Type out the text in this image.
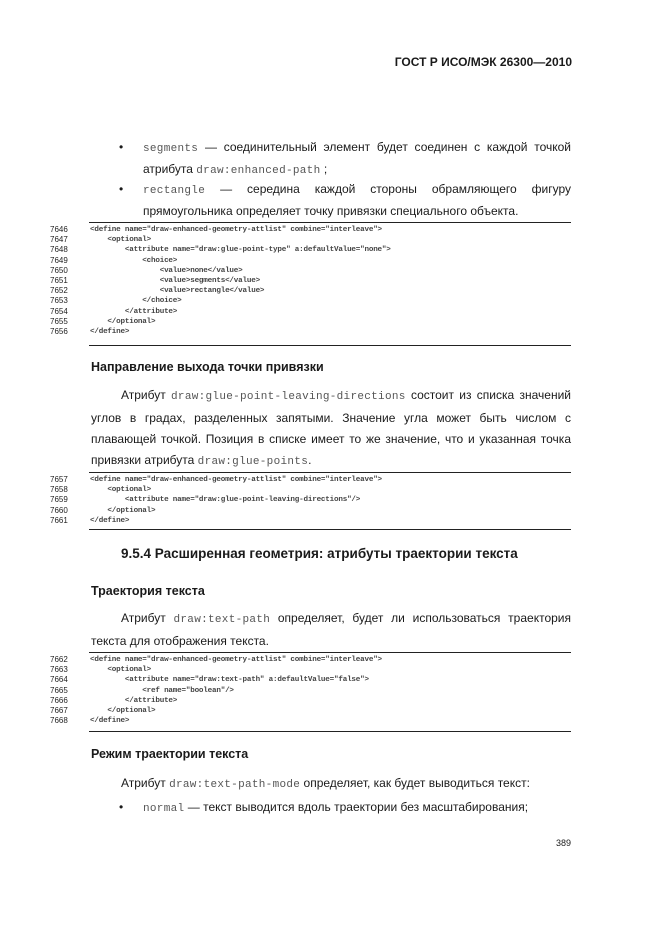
ГОСТ Р ИСО/МЭК 26300—2010
• segments — соединительный элемент будет соединен с каждой точкой
атрибута draw:enhanced-path ;
• rectangle — середина каждой стороны обрамляющего фигуру
прямоугольника определяет точку привязки специального объекта.
7646	<define name="draw-enhanced-geometry-attlist" combine="interleave">
7647	<optional>
7648	<attribute name="draw:glue-point-type" a:defaultValue="none">
7649	<choice>
7650	<value>none</value>
7651	<value>segments</value>
7652	<value>rectangle</value>
7653	</choice>
7654	</attribute>
7655	</optional>
7656	</define>
Направление выхода точки привязки
Атрибут draw:glue-point-leaving-directions состоит из списка значений углов в градах, разделенных запятыми. Значение угла может быть числом с плавающей точкой. Позиция в списке имеет то же значение, что и указанная точка привязки атрибута draw:glue-points.
7657	<define name="draw-enhanced-geometry-attlist" combine="interleave">
7658	<optional>
7659	<attribute name="draw:glue-point-leaving-directions"/>
7660	</optional>
7661	</define>
9.5.4 Расширенная геометрия: атрибуты траектории текста
Траектория текста
Атрибут draw:text-path определяет, будет ли использоваться траектория текста для отображения текста.
7662	<define name="draw-enhanced-geometry-attlist" combine="interleave">
7663	<optional>
7664	<attribute name="draw:text-path" a:defaultValue="false">
7665	<ref name="boolean"/>
7666	</attribute>
7667	</optional>
7668	</define>
Режим траектории текста
Атрибут draw:text-path-mode определяет, как будет выводиться текст:
• normal — текст выводится вдоль траектории без масштабирования;
389
